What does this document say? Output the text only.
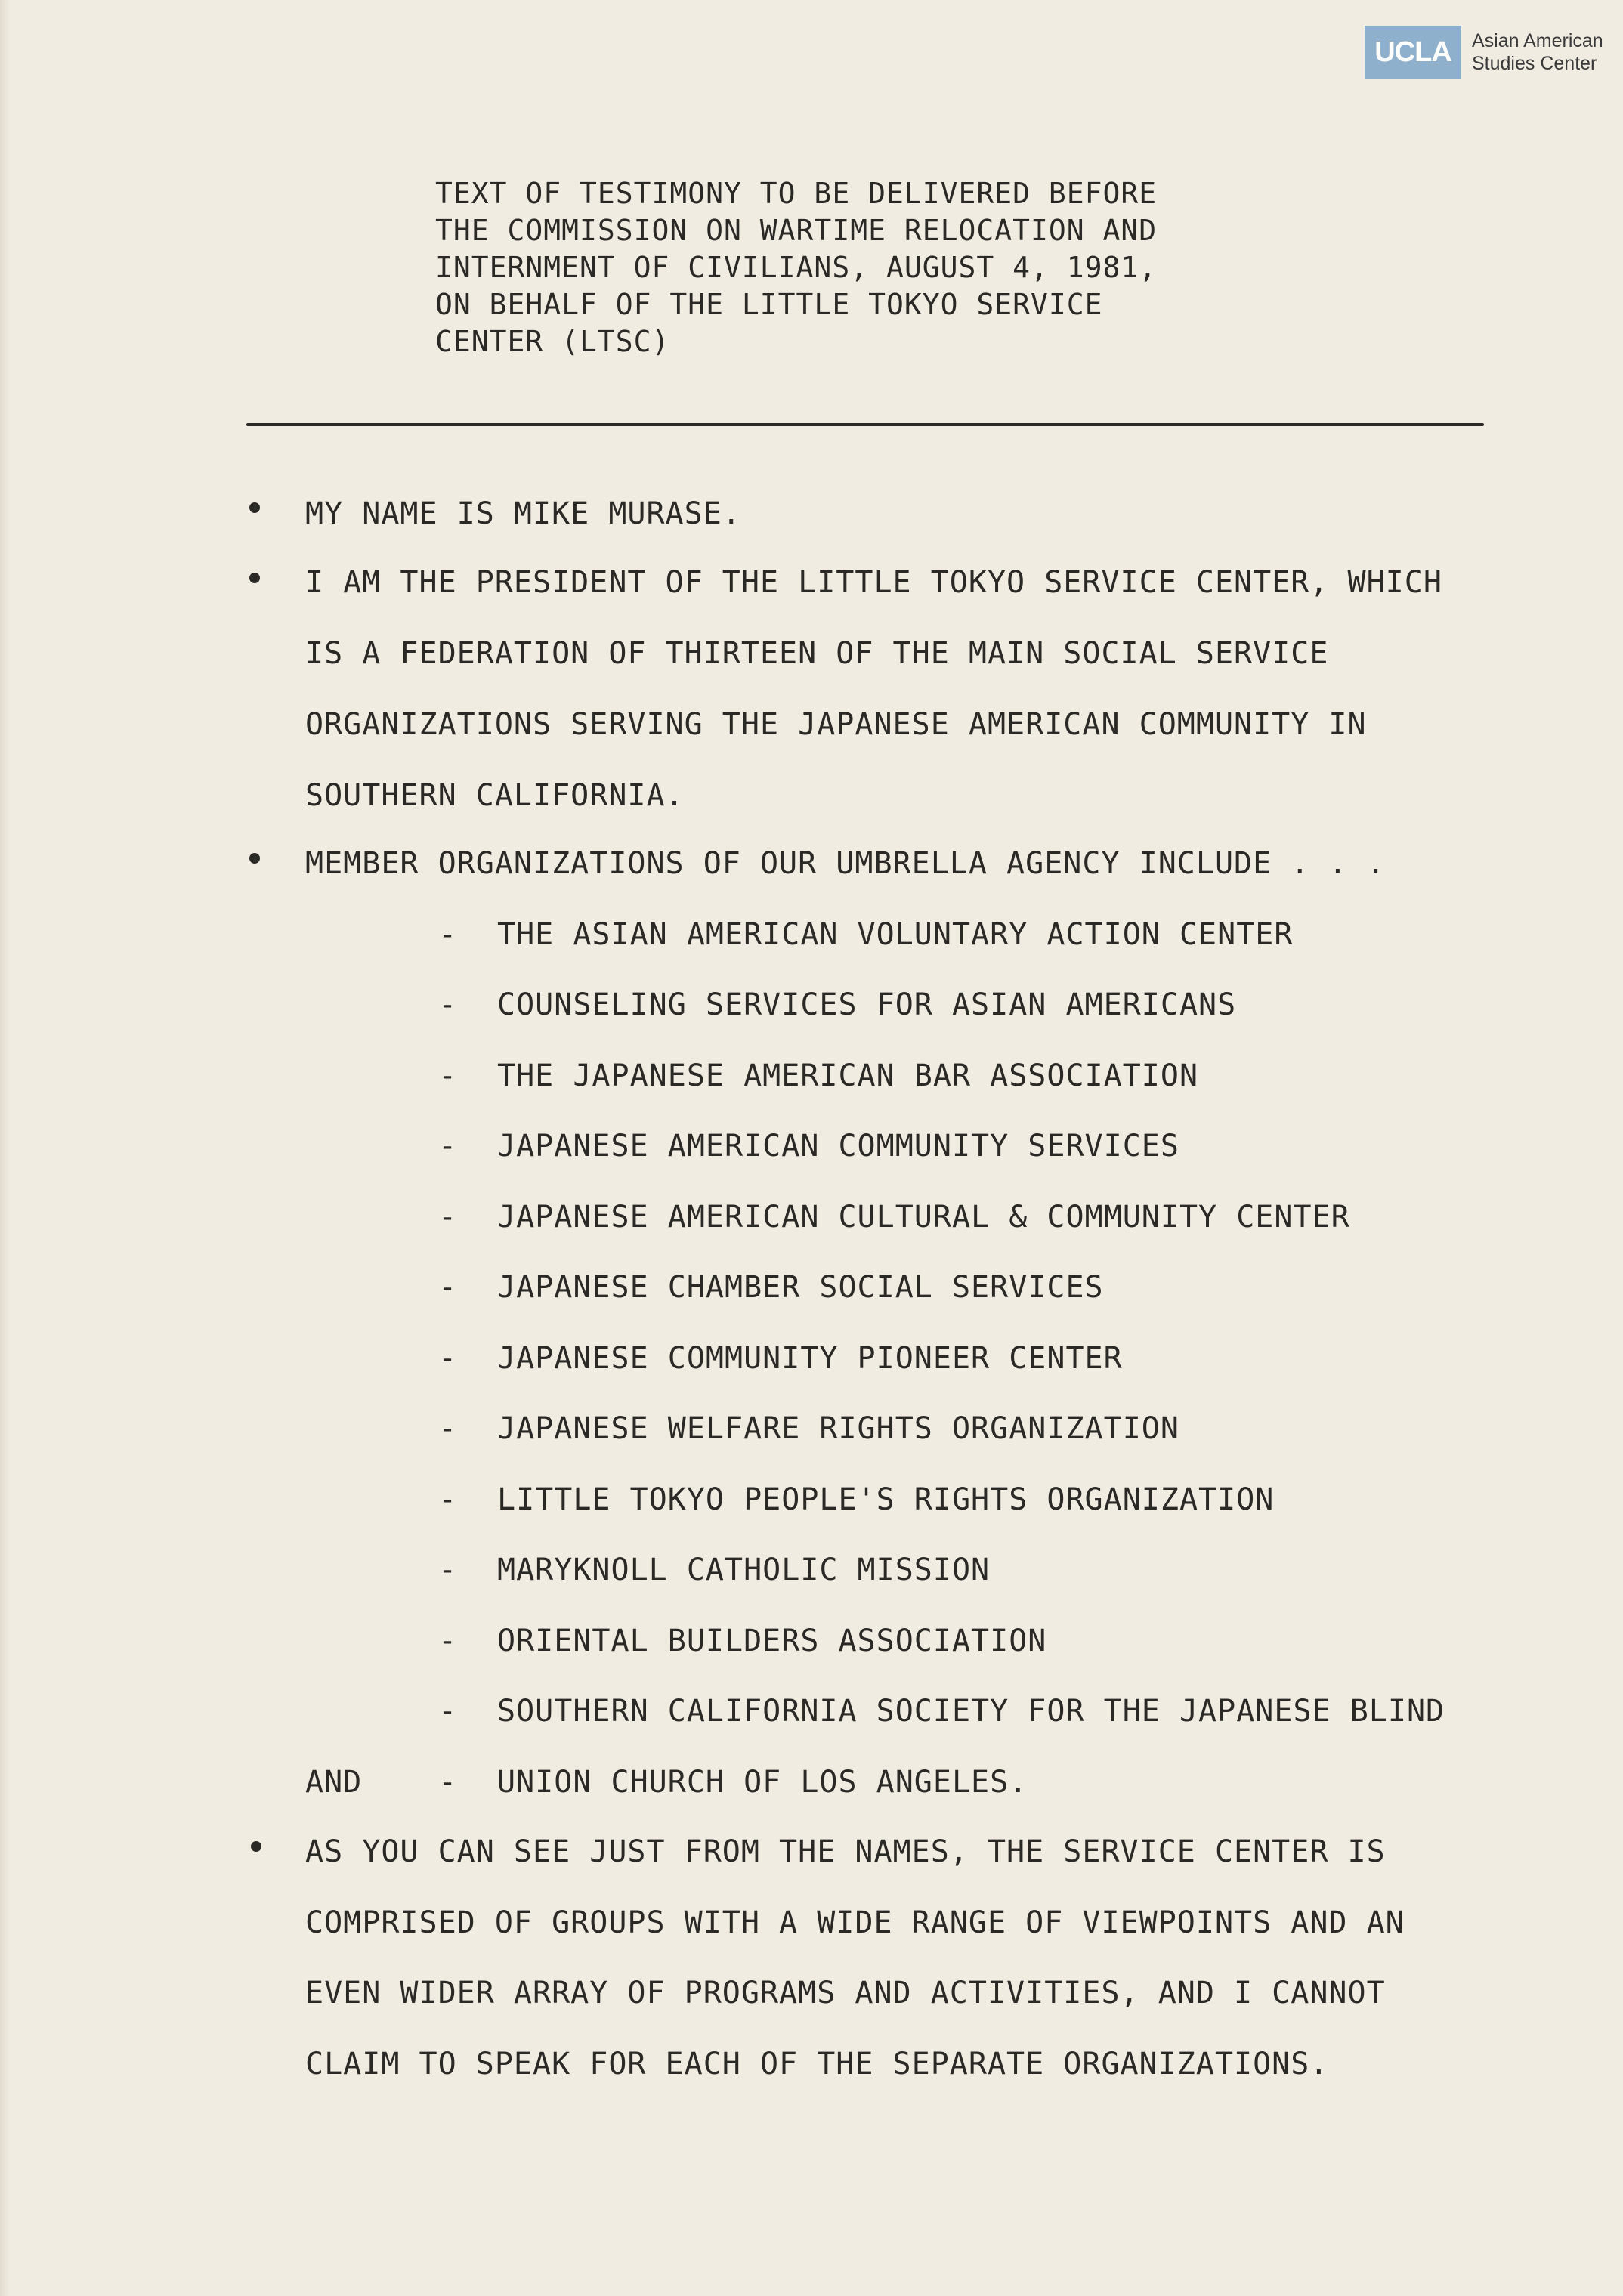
UCLA	Asian American
Studies Center
TEXT OF TESTIMONY TO BE DELIVERED BEFORE
THE COMMISSION ON WARTIME RELOCATION AND
INTERNMENT OF CIVILIANS, AUGUST 4, 1981,
ON BEHALF OF THE LITTLE TOKYO SERVICE
CENTER (LTSC)
MY NAME IS MIKE MURASE.
I AM THE PRESIDENT OF THE LITTLE TOKYO SERVICE CENTER, WHICH
IS A FEDERATION OF THIRTEEN OF THE MAIN SOCIAL SERVICE
ORGANIZATIONS SERVING THE JAPANESE AMERICAN COMMUNITY IN
SOUTHERN CALIFORNIA.
MEMBER ORGANIZATIONS OF OUR UMBRELLA AGENCY INCLUDE . . .
- THE ASIAN AMERICAN VOLUNTARY ACTION CENTER
- COUNSELING SERVICES FOR ASIAN AMERICANS
- THE JAPANESE AMERICAN BAR ASSOCIATION
- JAPANESE AMERICAN COMMUNITY SERVICES
- JAPANESE AMERICAN CULTURAL & COMMUNITY CENTER
- JAPANESE CHAMBER SOCIAL SERVICES
- JAPANESE COMMUNITY PIONEER CENTER
- JAPANESE WELFARE RIGHTS ORGANIZATION
- LITTLE TOKYO PEOPLE'S RIGHTS ORGANIZATION
- MARYKNOLL CATHOLIC MISSION
- ORIENTAL BUILDERS ASSOCIATION
- SOUTHERN CALIFORNIA SOCIETY FOR THE JAPANESE BLIND
AND	- UNION CHURCH OF LOS ANGELES.
AS YOU CAN SEE JUST FROM THE NAMES, THE SERVICE CENTER IS
COMPRISED OF GROUPS WITH A WIDE RANGE OF VIEWPOINTS AND AN
EVEN WIDER ARRAY OF PROGRAMS AND ACTIVITIES, AND I CANNOT
CLAIM TO SPEAK FOR EACH OF THE SEPARATE ORGANIZATIONS.
